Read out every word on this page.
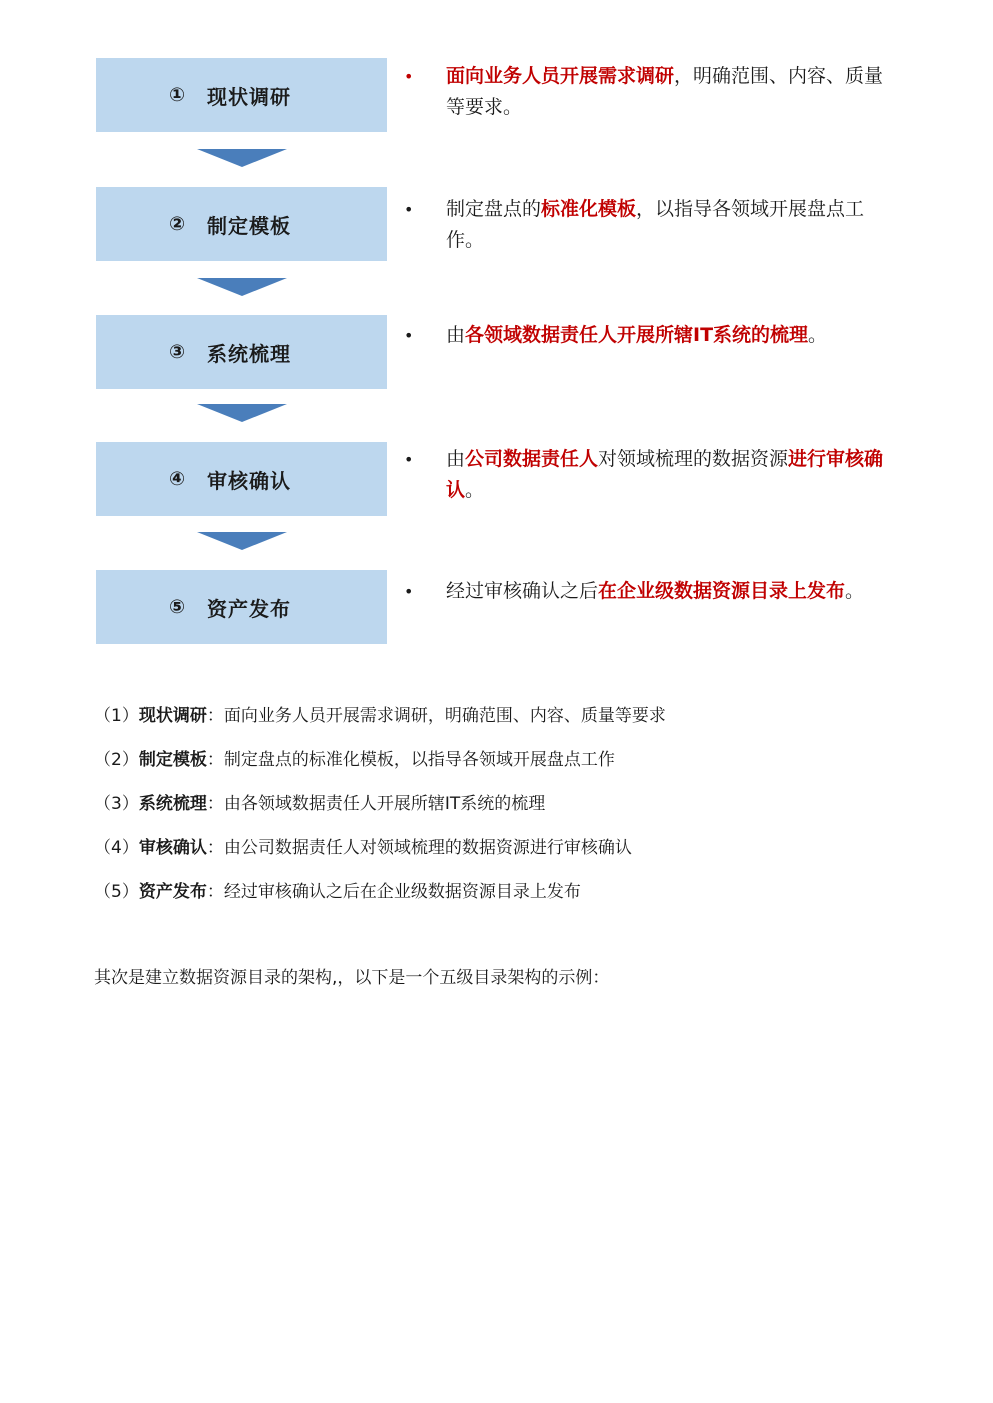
①	现状调研
②	制定模板
③	系统梳理
④	审核确认
⑤	资产发布
•	面向业务人员开展需求调研，明确范围、内容、质量等要求。
•	制定盘点的标准化模板，以指导各领域开展盘点工作。
•	由各领域数据责任人开展所辖IT系统的梳理。
•	由公司数据责任人对领域梳理的数据资源进行审核确认。
•	经过审核确认之后在企业级数据资源目录上发布。
（1）现状调研：面向业务人员开展需求调研，明确范围、内容、质量等要求
（2）制定模板：制定盘点的标准化模板，以指导各领域开展盘点工作
（3）系统梳理：由各领域数据责任人开展所辖IT系统的梳理
（4）审核确认：由公司数据责任人对领域梳理的数据资源进行审核确认
（5）资产发布：经过审核确认之后在企业级数据资源目录上发布
其次是建立数据资源目录的架构,，以下是一个五级目录架构的示例：
